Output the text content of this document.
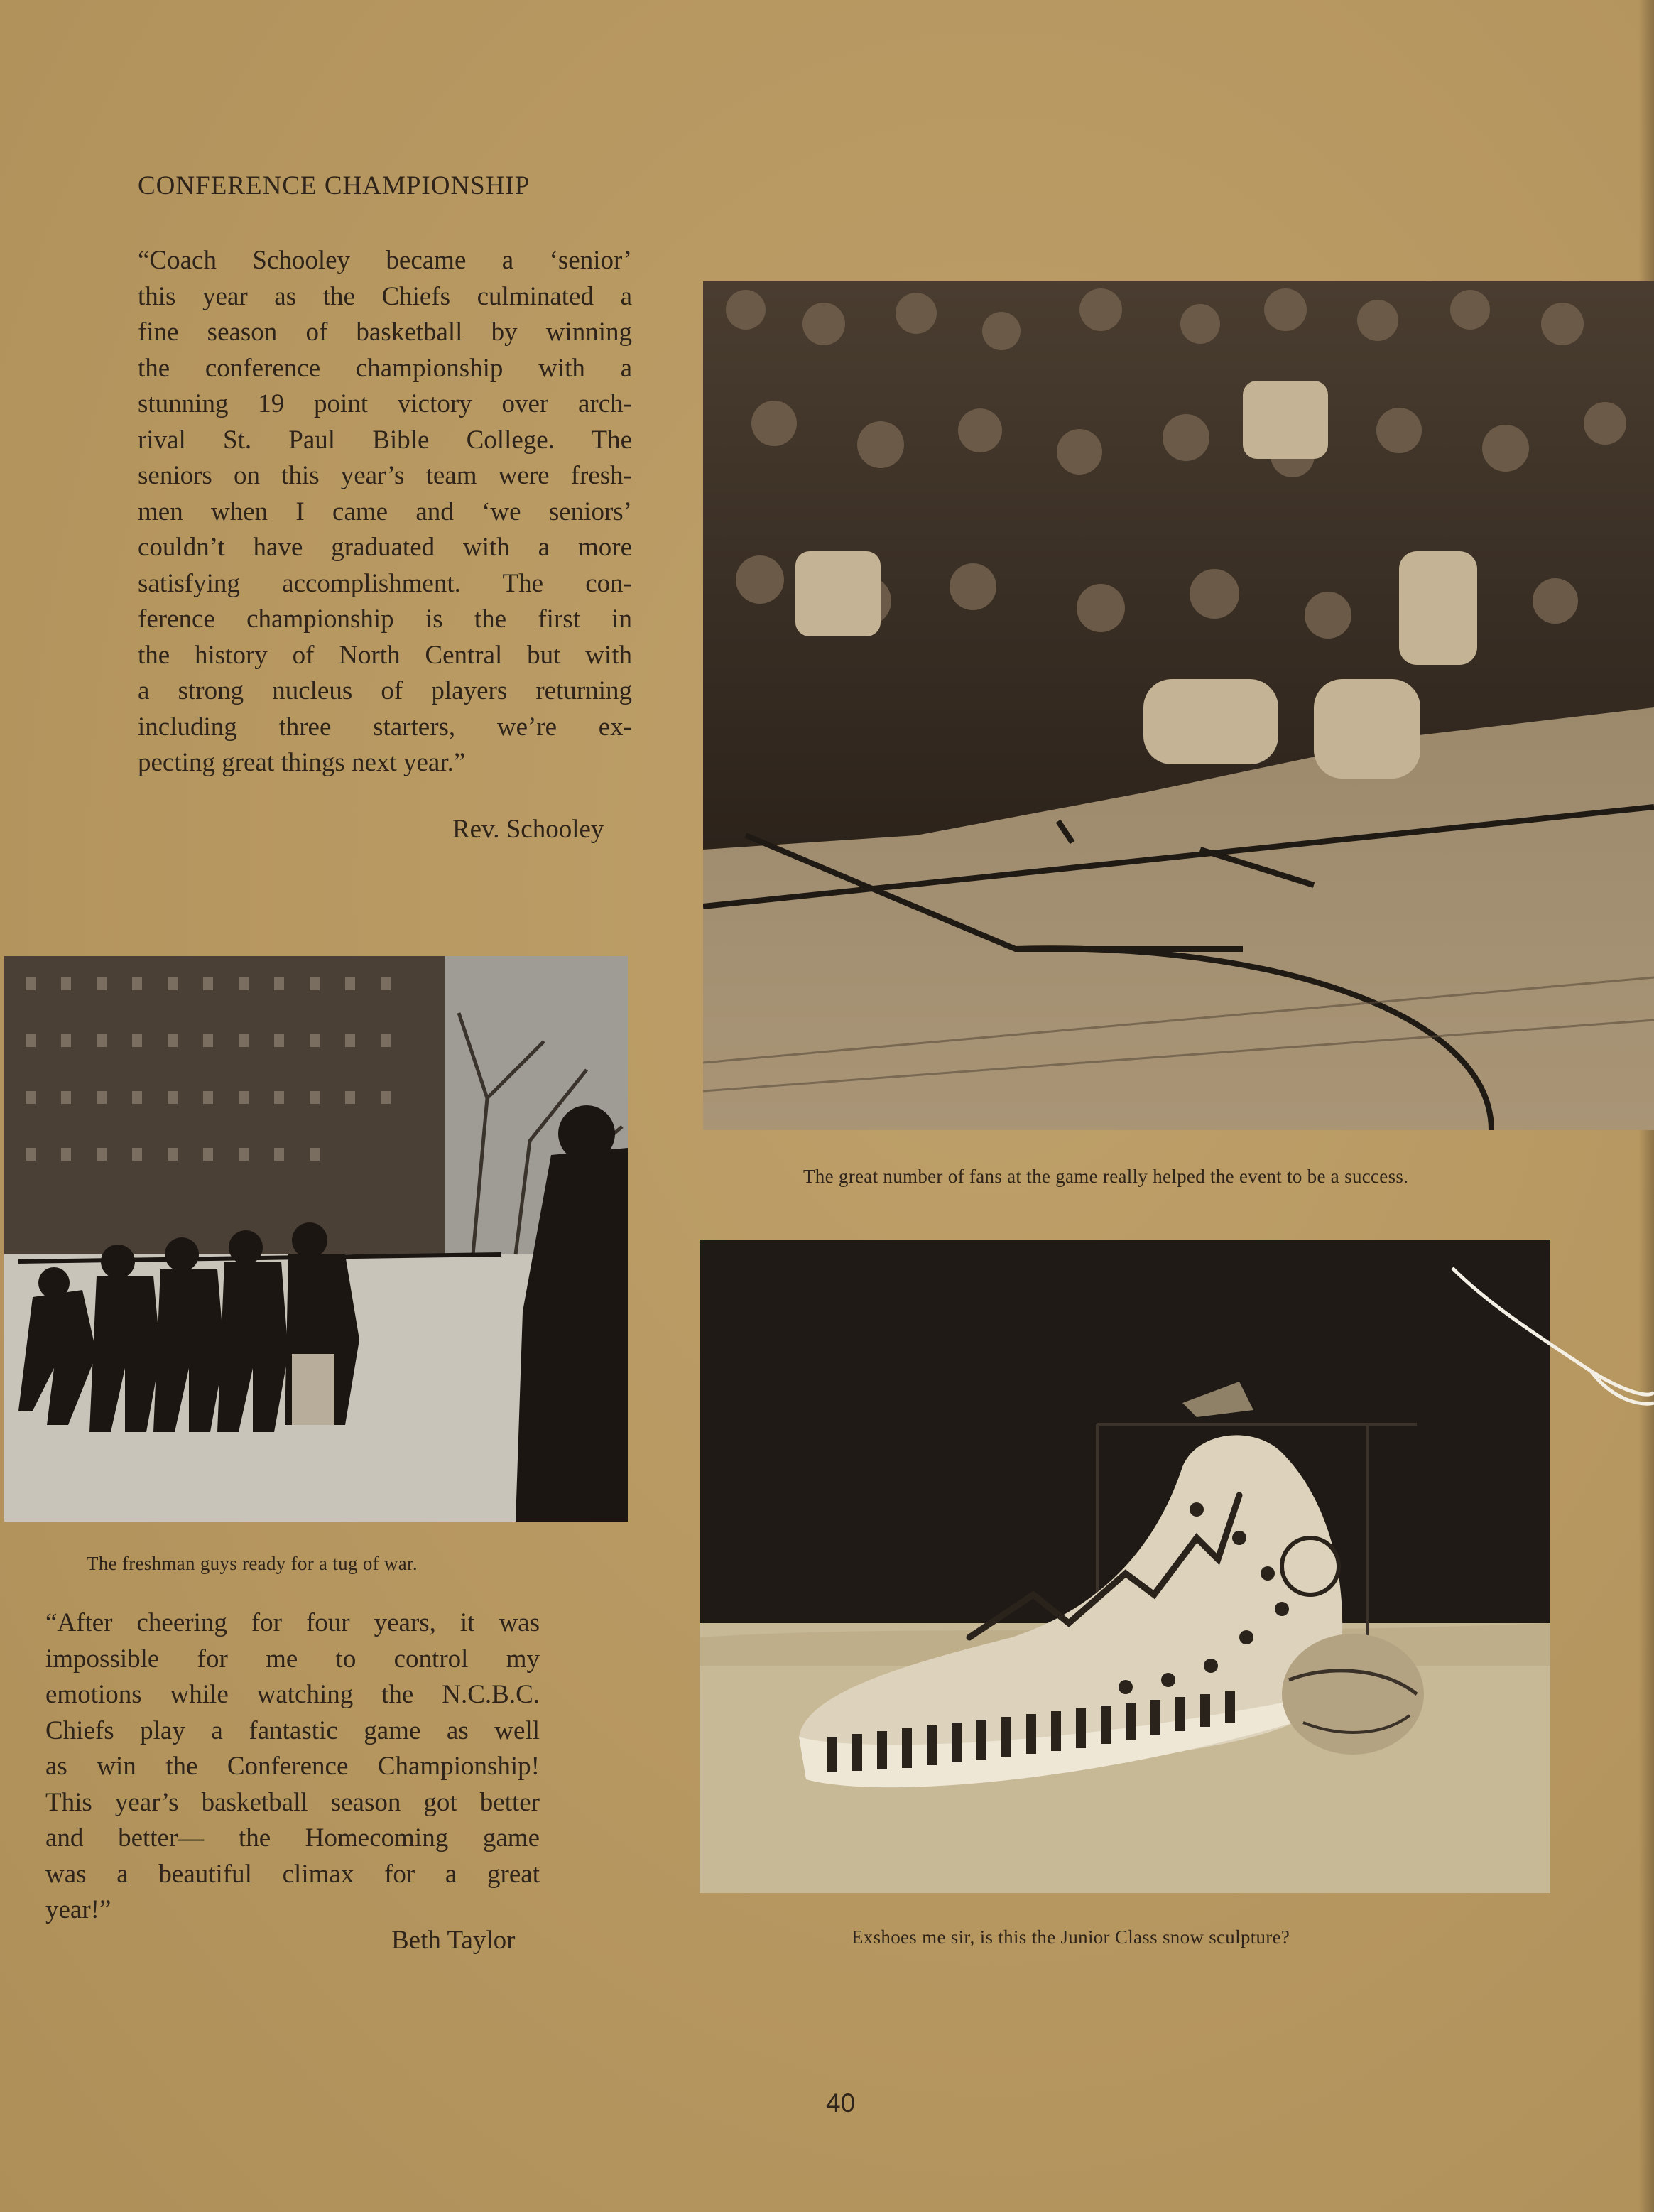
CONFERENCE CHAMPIONSHIP
“Coach Schooley became a ‘senior’
this year as the Chiefs culminated a
fine season of basketball by winning
the conference championship with a
stunning 19 point victory over arch-
rival St. Paul Bible College. The
seniors on this year’s team were fresh-
men when I came and ‘we seniors’
couldn’t have graduated with a more
satisfying accomplishment. The con-
ference championship is the first in
the history of North Central but with
a strong nucleus of players returning
including three starters, we’re ex-
pecting great things next year.”
Rev. Schooley
The great number of fans at the game really helped the event to be a success.
The freshman guys ready for a tug of war.
“After cheering for four years, it was
impossible for me to control my
emotions while watching the N.C.B.C.
Chiefs play a fantastic game as well
as win the Conference Championship!
This year’s basketball season got better
and better— the Homecoming game
was a beautiful climax for a great
year!”
Beth Taylor	Exshoes me sir, is this the Junior Class snow sculpture?
40
